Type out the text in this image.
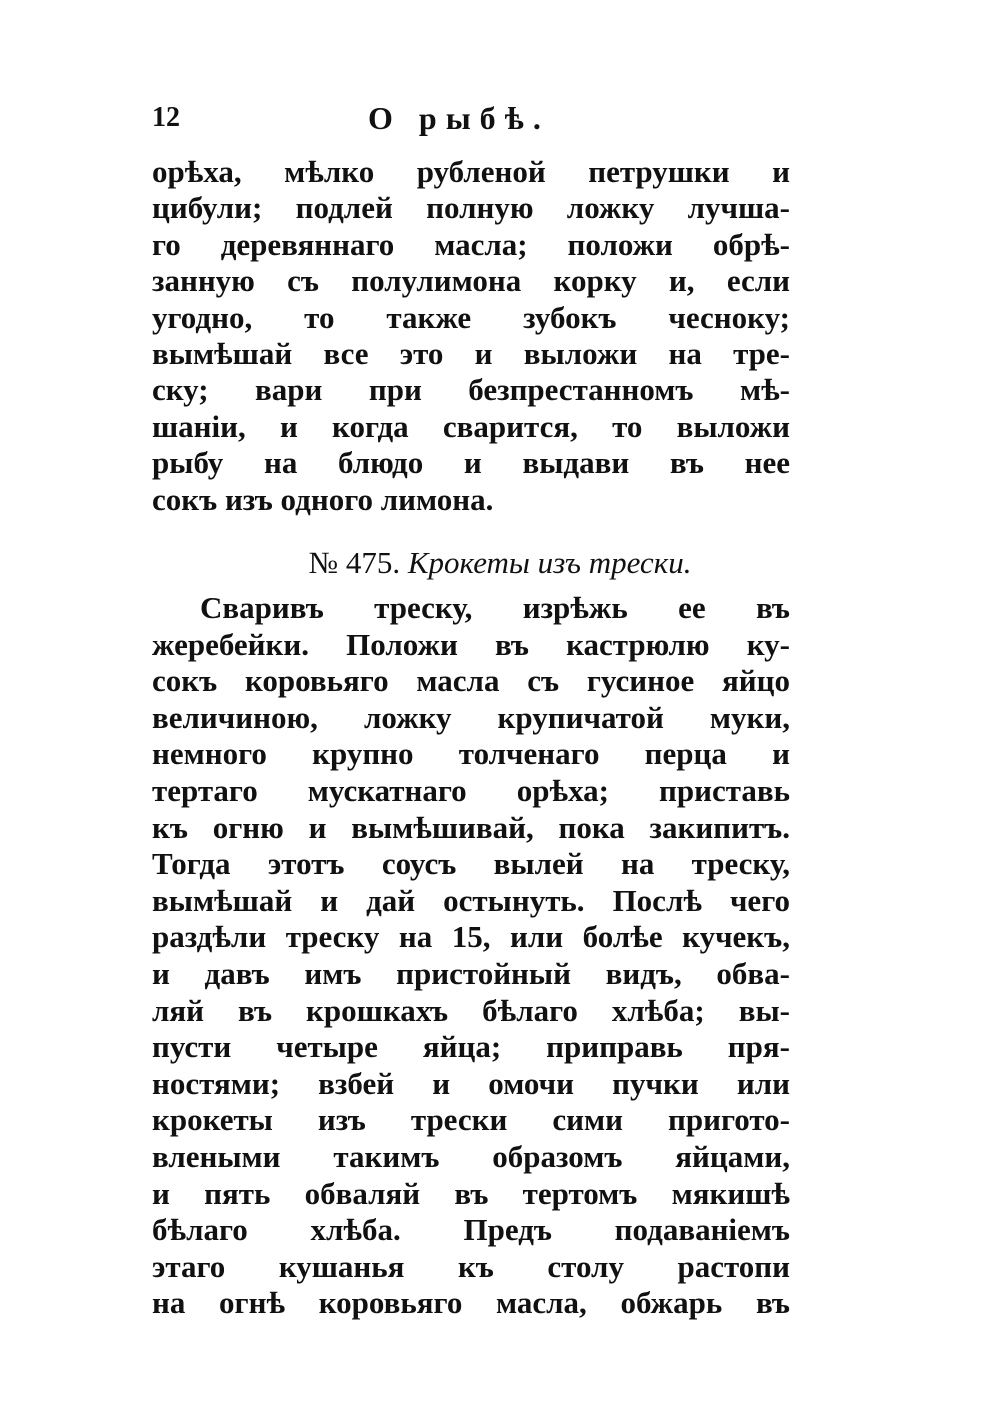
12	О рыбѣ.
орѣха, мѣлко рубленой петрушки и
цибули; подлей полную ложку лучша-
го деревяннаго масла; положи обрѣ-
занную съ полулимона корку и, если
угодно, то также зубокъ чесноку;
вымѣшай все это и выложи на тре-
ску; вари при безпрестанномъ мѣ-
шаніи, и когда сварится, то выложи
рыбу на блюдо и выдави въ нее
сокъ изъ одного лимона.
№ 475. Крокеты изъ трески.
Сваривъ треску, изрѣжь ее въ
жеребейки. Положи въ кастрюлю ку-
сокъ коровьяго масла съ гусиное яйцо
величиною, ложку крупичатой муки,
немного крупно толченаго перца и
тертаго мускатнаго орѣха; приставь
къ огню и вымѣшивай, пока закипитъ.
Тогда этотъ соусъ вылей на треску,
вымѣшай и дай остынуть. Послѣ чего
раздѣли треску на 15, или болѣе кучекъ,
и давъ имъ пристойный видъ, обва-
ляй въ крошкахъ бѣлаго хлѣба; вы-
пусти четыре яйца; приправь пря-
ностями; взбей и омочи пучки или
крокеты изъ трески сими пригото-
влеными такимъ образомъ яйцами,
и пять обваляй въ тертомъ мякишѣ
бѣлаго хлѣба. Предъ подаваніемъ
этаго кушанья къ столу растопи
на огнѣ коровьяго масла, обжарь въ
